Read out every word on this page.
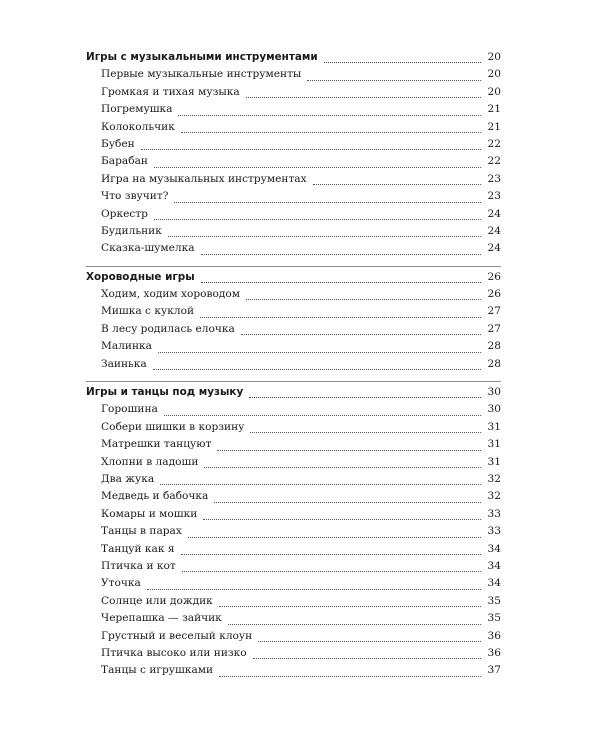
Игры с музыкальными инструментами	20
Первые музыкальные инструменты	20
Громкая и тихая музыка	20
Погремушка	21
Колокольчик	21
Бубен	22
Барабан	22
Игра на музыкальных инструментах	23
Что звучит?	23
Оркестр	24
Будильник	24
Сказка-шумелка	24
Хороводные игры	26
Ходим, ходим хороводом	26
Мишка с куклой	27
В лесу родилась елочка	27
Малинка	28
Заинька	28
Игры и танцы под музыку	30
Горошина	30
Собери шишки в корзину	31
Матрешки танцуют	31
Хлопни в ладоши	31
Два жука	32
Медведь и бабочка	32
Комары и мошки	33
Танцы в парах	33
Танцуй как я	34
Птичка и кот	34
Уточка	34
Солнце или дождик	35
Черепашка — зайчик	35
Грустный и веселый клоун	36
Птичка высоко или низко	36
Танцы с игрушками	37
